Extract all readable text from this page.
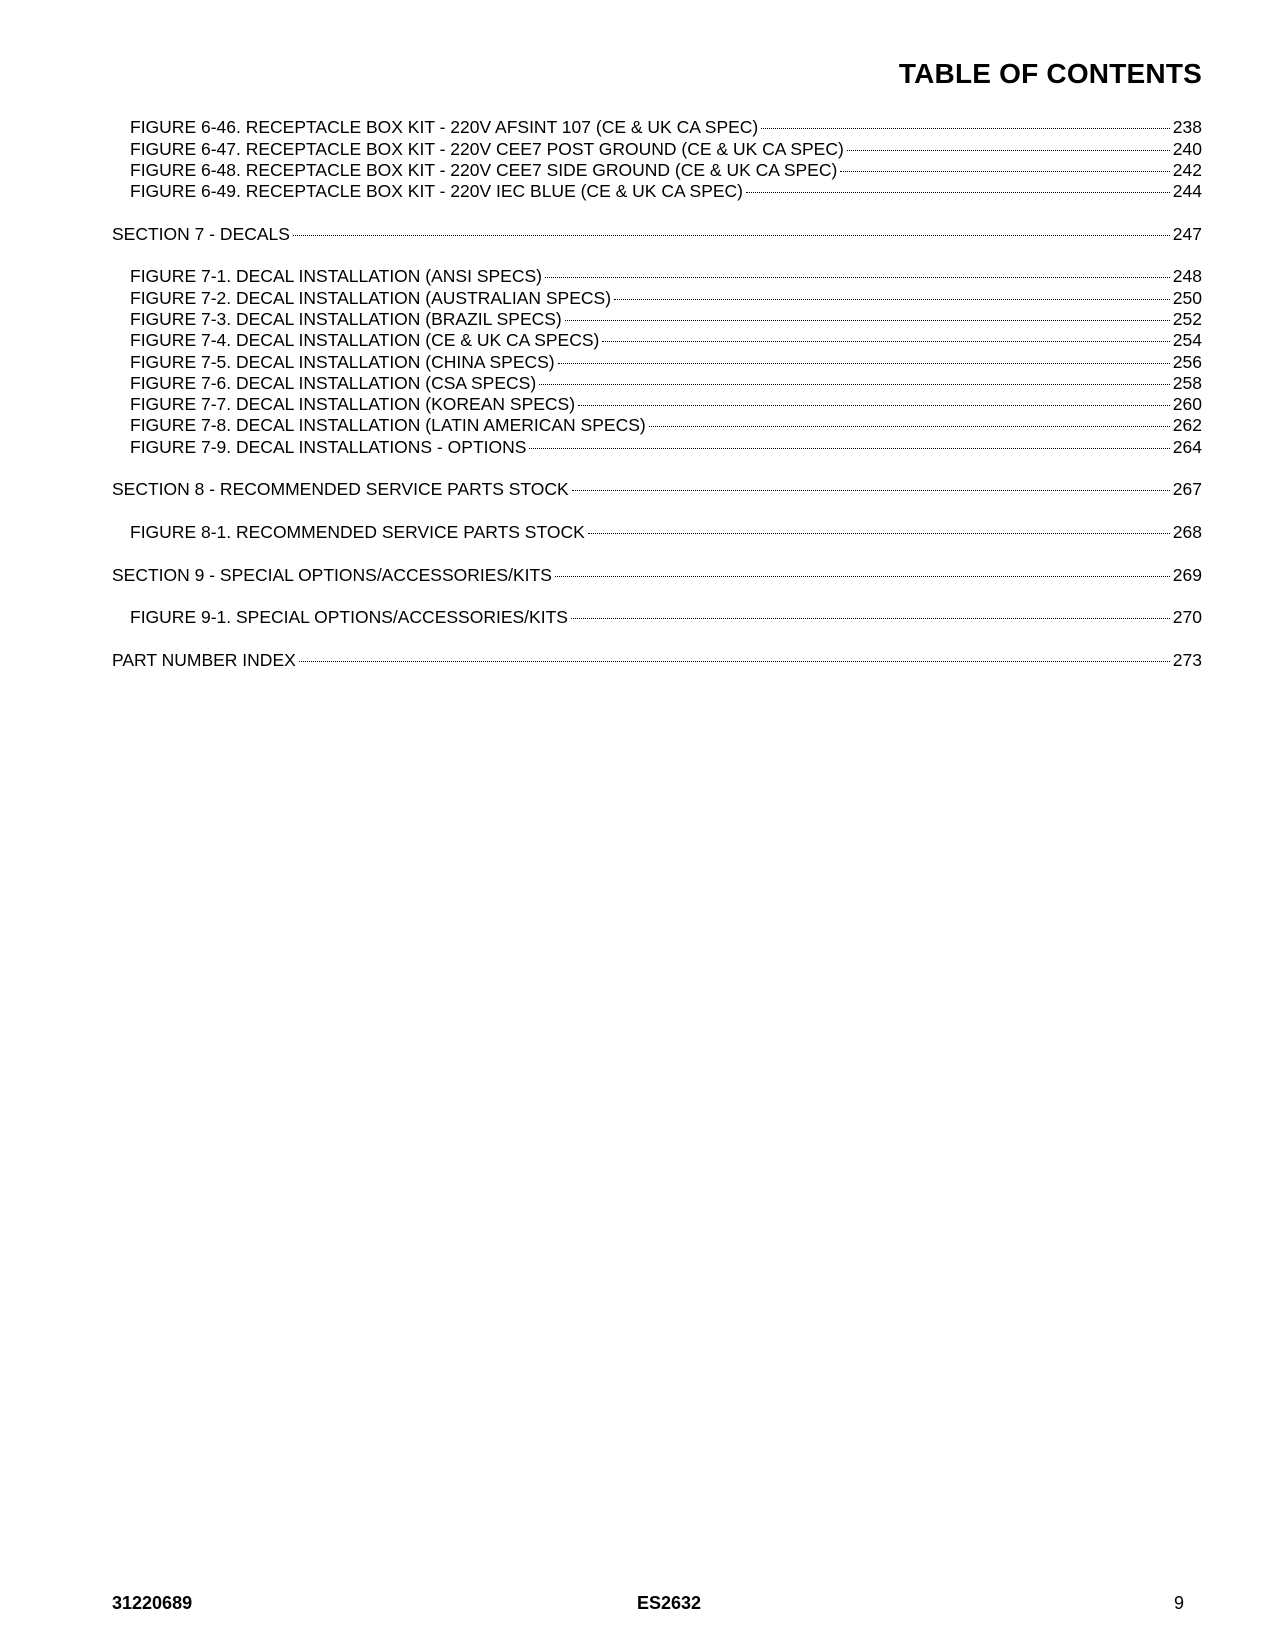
TABLE OF CONTENTS
FIGURE 6-46. RECEPTACLE BOX KIT - 220V AFSINT 107 (CE & UK CA SPEC)	238
FIGURE 6-47. RECEPTACLE BOX KIT - 220V CEE7 POST GROUND (CE & UK CA SPEC)	240
FIGURE 6-48. RECEPTACLE BOX KIT - 220V CEE7 SIDE GROUND (CE & UK CA SPEC)	242
FIGURE 6-49. RECEPTACLE BOX KIT - 220V IEC BLUE (CE & UK CA SPEC)	244
SECTION 7 - DECALS	247
FIGURE 7-1. DECAL INSTALLATION (ANSI SPECS)	248
FIGURE 7-2. DECAL INSTALLATION (AUSTRALIAN SPECS)	250
FIGURE 7-3. DECAL INSTALLATION (BRAZIL SPECS)	252
FIGURE 7-4. DECAL INSTALLATION (CE & UK CA SPECS)	254
FIGURE 7-5. DECAL INSTALLATION (CHINA SPECS)	256
FIGURE 7-6. DECAL INSTALLATION (CSA SPECS)	258
FIGURE 7-7. DECAL INSTALLATION (KOREAN SPECS)	260
FIGURE 7-8. DECAL INSTALLATION (LATIN AMERICAN SPECS)	262
FIGURE 7-9. DECAL INSTALLATIONS - OPTIONS	264
SECTION 8 - RECOMMENDED SERVICE PARTS STOCK	267
FIGURE 8-1. RECOMMENDED SERVICE PARTS STOCK	268
SECTION 9 - SPECIAL OPTIONS/ACCESSORIES/KITS	269
FIGURE 9-1. SPECIAL OPTIONS/ACCESSORIES/KITS	270
PART NUMBER INDEX	273
31220689	ES2632	9
